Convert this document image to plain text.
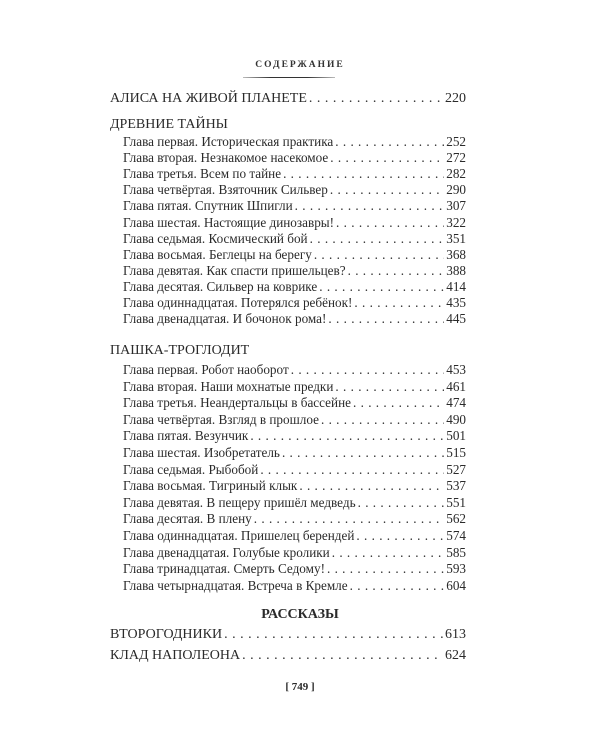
СОДЕРЖАНИЕ
АЛИСА НА ЖИВОЙ ПЛАНЕТЕ . . .	220
ДРЕВНИЕ ТАЙНЫ
Глава первая. Историческая практика . . .	252
Глава вторая. Незнакомое насекомое . . .	272
Глава третья. Всем по тайне . . .	282
Глава четвёртая. Взяточник Сильвер . . .	290
Глава пятая. Спутник Шпигли . . .	307
Глава шестая. Настоящие динозавры! . . .	322
Глава седьмая. Космический бой . . .	351
Глава восьмая. Беглецы на берегу . . .	368
Глава девятая. Как спасти пришельцев? . . .	388
Глава десятая. Сильвер на коврике . . .	414
Глава одиннадцатая. Потерялся ребёнок! . . .	435
Глава двенадцатая. И бочонок рома! . . .	445
ПАШКА-ТРОГЛОДИТ
Глава первая. Робот наоборот . . .	453
Глава вторая. Наши мохнатые предки . . .	461
Глава третья. Неандертальцы в бассейне . . .	474
Глава четвёртая. Взгляд в прошлое . . .	490
Глава пятая. Везунчик . . .	501
Глава шестая. Изобретатель . . .	515
Глава седьмая. Рыбобой . . .	527
Глава восьмая. Тигриный клык . . .	537
Глава девятая. В пещеру пришёл медведь . . .	551
Глава десятая. В плену . . .	562
Глава одиннадцатая. Пришелец берендей . . .	574
Глава двенадцатая. Голубые кролики . . .	585
Глава тринадцатая. Смерть Седому! . . .	593
Глава четырнадцатая. Встреча в Кремле . . .	604
РАССКАЗЫ
ВТОРОГОДНИКИ . . .	613
КЛАД НАПОЛЕОНА . . .	624
[ 749 ]
